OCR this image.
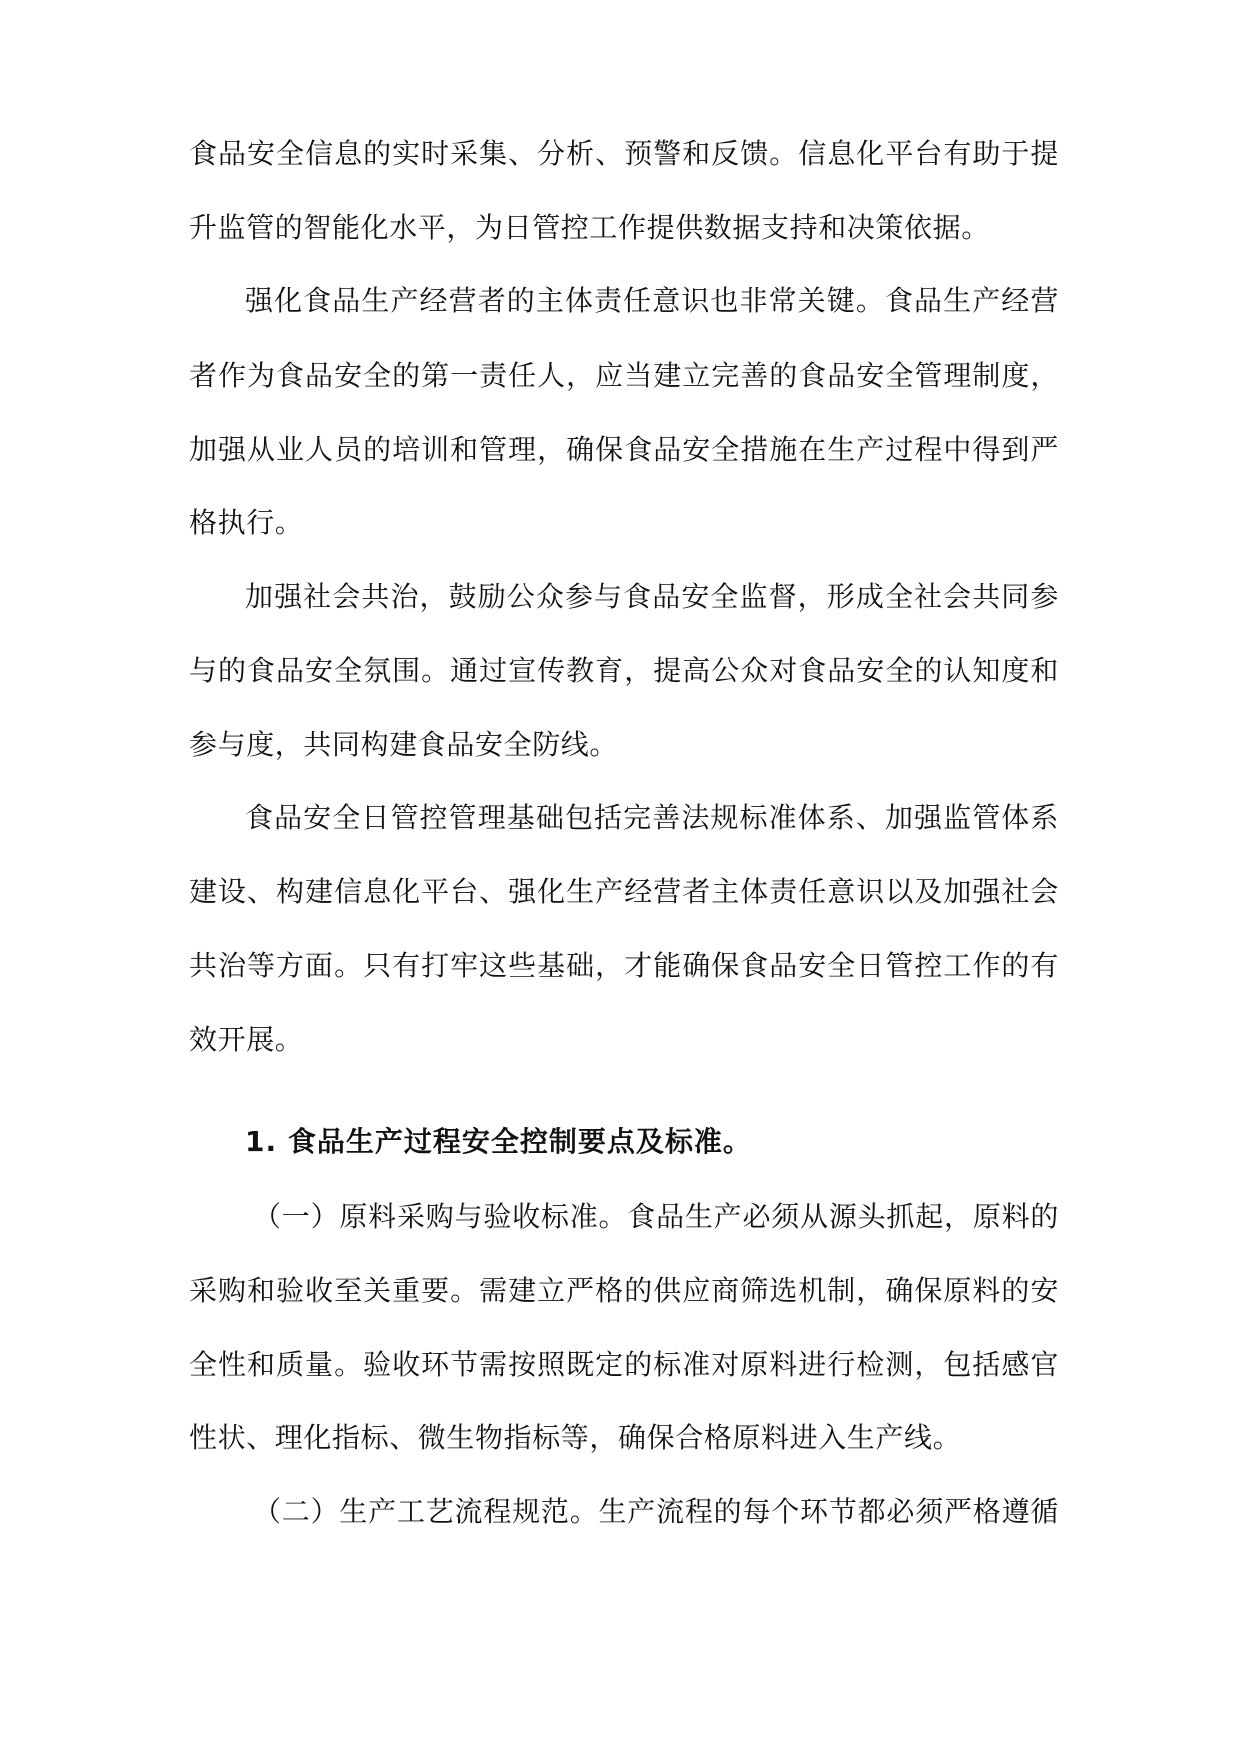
食品安全信息的实时采集、分析、预警和反馈。信息化平台有助于提
升监管的智能化水平，为日管控工作提供数据支持和决策依据。
强化食品生产经营者的主体责任意识也非常关键。食品生产经营
者作为食品安全的第一责任人，应当建立完善的食品安全管理制度，
加强从业人员的培训和管理，确保食品安全措施在生产过程中得到严
格执行。
加强社会共治，鼓励公众参与食品安全监督，形成全社会共同参
与的食品安全氛围。通过宣传教育，提高公众对食品安全的认知度和
参与度，共同构建食品安全防线。
食品安全日管控管理基础包括完善法规标准体系、加强监管体系
建设、构建信息化平台、强化生产经营者主体责任意识以及加强社会
共治等方面。只有打牢这些基础，才能确保食品安全日管控工作的有
效开展。
1. 食品生产过程安全控制要点及标准。
（一）原料采购与验收标准。食品生产必须从源头抓起，原料的
采购和验收至关重要。需建立严格的供应商筛选机制，确保原料的安
全性和质量。验收环节需按照既定的标准对原料进行检测，包括感官
性状、理化指标、微生物指标等，确保合格原料进入生产线。
（二）生产工艺流程规范。生产流程的每个环节都必须严格遵循
